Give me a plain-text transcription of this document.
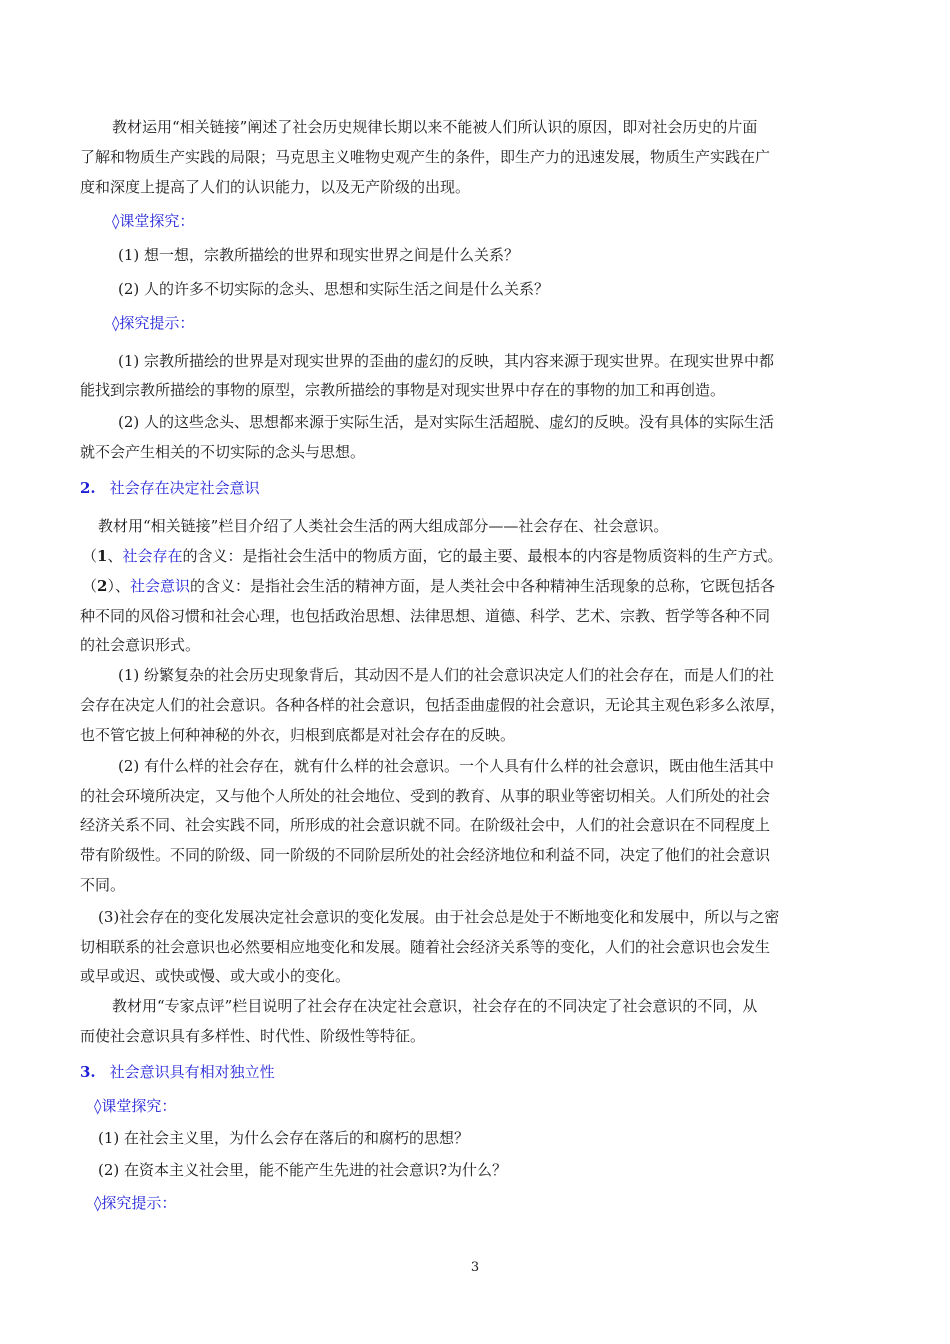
教材运用“相关链接”阐述了社会历史规律长期以来不能被人们所认识的原因，即对社会历史的片面
了解和物质生产实践的局限；马克思主义唯物史观产生的条件，即生产力的迅速发展，物质生产实践在广
度和深度上提高了人们的认识能力，以及无产阶级的出现。
◊课堂探究：
(1) 想一想，宗教所描绘的世界和现实世界之间是什么关系？
(2) 人的许多不切实际的念头、思想和实际生活之间是什么关系？
◊探究提示：
(1) 宗教所描绘的世界是对现实世界的歪曲的虚幻的反映，其内容来源于现实世界。在现实世界中都
能找到宗教所描绘的事物的原型，宗教所描绘的事物是对现实世界中存在的事物的加工和再创造。
(2) 人的这些念头、思想都来源于实际生活，是对实际生活超脱、虚幻的反映。没有具体的实际生活
就不会产生相关的不切实际的念头与思想。
2. 社会存在决定社会意识
教材用“相关链接”栏目介绍了人类社会生活的两大组成部分——社会存在、社会意识。
（1、社会存在的含义：是指社会生活中的物质方面，它的最主要、最根本的内容是物质资料的生产方式。
（2）、社会意识的含义：是指社会生活的精神方面，是人类社会中各种精神生活现象的总称，它既包括各
种不同的风俗习惯和社会心理，也包括政治思想、法律思想、道德、科学、艺术、宗教、哲学等各种不同
的社会意识形式。
(1) 纷繁复杂的社会历史现象背后，其动因不是人们的社会意识决定人们的社会存在，而是人们的社
会存在决定人们的社会意识。各种各样的社会意识，包括歪曲虚假的社会意识，无论其主观色彩多么浓厚，
也不管它披上何种神秘的外衣，归根到底都是对社会存在的反映。
(2) 有什么样的社会存在，就有什么样的社会意识。一个人具有什么样的社会意识，既由他生活其中
的社会环境所决定，又与他个人所处的社会地位、受到的教育、从事的职业等密切相关。人们所处的社会
经济关系不同、社会实践不同，所形成的社会意识就不同。在阶级社会中，人们的社会意识在不同程度上
带有阶级性。不同的阶级、同一阶级的不同阶层所处的社会经济地位和利益不同，决定了他们的社会意识
不同。
(3)社会存在的变化发展决定社会意识的变化发展。由于社会总是处于不断地变化和发展中，所以与之密
切相联系的社会意识也必然要相应地变化和发展。随着社会经济关系等的变化，人们的社会意识也会发生
或早或迟、或快或慢、或大或小的变化。
教材用“专家点评”栏目说明了社会存在决定社会意识，社会存在的不同决定了社会意识的不同，从
而使社会意识具有多样性、时代性、阶级性等特征。
3. 社会意识具有相对独立性
◊课堂探究：
(1) 在社会主义里，为什么会存在落后的和腐朽的思想？
(2) 在资本主义社会里，能不能产生先进的社会意识?为什么？
◊探究提示：
3
